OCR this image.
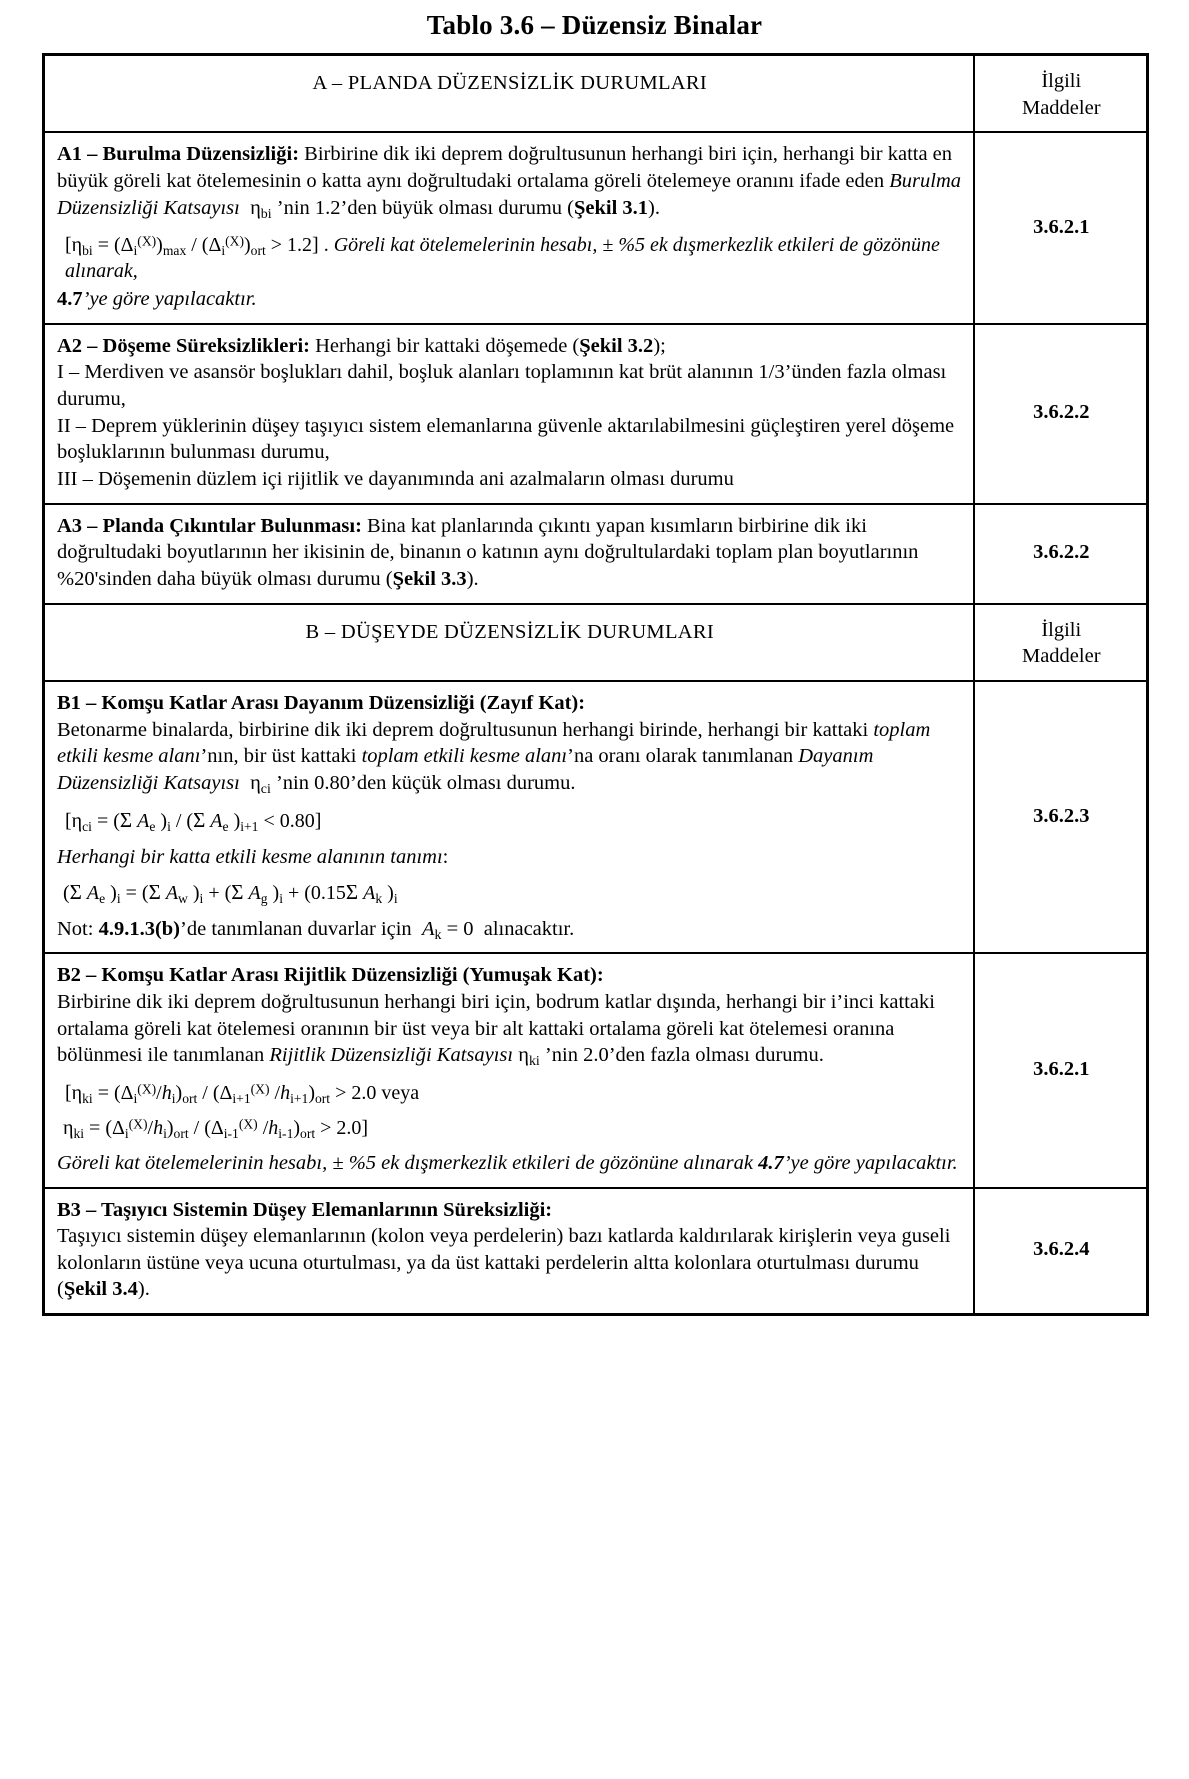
Tablo 3.6 – Düzensiz Binalar
A – PLANDA DÜZENSİZLİK DURUMLARI	İlgili
Maddeler

A1 – Burulma Düzensizliği: Birbirine dik iki deprem doğrultusunun herhangi biri için, herhangi bir katta en büyük göreli kat ötelemesinin o katta aynı doğrultudaki ortalama göreli ötelemeye oranını ifade eden Burulma Düzensizliği Katsayısı  $\eta_{bi}$ ’nin 1.2’den büyük olması durumu (Şekil 3.1).

$[\eta_{bi} = (\Delta_i^{(X)})_{max} / (\Delta_i^{(X)})_{ort} > 1.2]$ . Göreli kat ötelemelerinin hesabı, ± %5 ek dışmerkezlik etkileri de gözönüne alınarak,

4.7’ye göre yapılacaktır.	3.6.2.1

A2 – Döşeme Süreksizlikleri: Herhangi bir kattaki döşemede (Şekil 3.2);

I – Merdiven ve asansör boşlukları dahil, boşluk alanları toplamının kat brüt alanının 1/3’ünden fazla olması durumu,

II – Deprem yüklerinin düşey taşıyıcı sistem elemanlarına güvenle aktarılabilmesini güçleştiren yerel döşeme boşluklarının bulunması durumu,

III – Döşemenin düzlem içi rijitlik ve dayanımında ani azalmaların olması durumu	3.6.2.2

A3 – Planda Çıkıntılar Bulunması: Bina kat planlarında çıkıntı yapan kısımların birbirine dik iki doğrultudaki boyutlarının her ikisinin de, binanın o katının aynı doğrultulardaki toplam plan boyutlarının %20'sinden daha büyük olması durumu (Şekil 3.3).	3.6.2.2
B – DÜŞEYDE DÜZENSİZLİK DURUMLARI	İlgili
Maddeler

B1 – Komşu Katlar Arası Dayanım Düzensizliği (Zayıf Kat):

Betonarme binalarda, birbirine dik iki deprem doğrultusunun herhangi birinde, herhangi bir kattaki toplam etkili kesme alanı’nın, bir üst kattaki toplam etkili kesme alanı’na oranı olarak tanımlanan Dayanım Düzensizliği Katsayısı  $\eta_{ci}$ ’nin 0.80’den küçük olması durumu.

[$\eta_{ci} = (\Sigma$ $A_e$ )$_i / (\Sigma$ $A_e$ )$_{i+1} < 0.80$]

Herhangi bir katta etkili kesme alanının tanımı:

(Σ $A_e$ )$_i = (\Sigma$ $A_w$ )$_i + (\Sigma$ $A_g$ )$_i + (0.15\Sigma$ $A_k$ )$_i$

Not: 4.9.1.3(b)’de tanımlanan duvarlar için  $A_k = 0$  alınacaktır.

	3.6.2.3

B2 – Komşu Katlar Arası Rijitlik Düzensizliği (Yumuşak Kat):

Birbirine dik iki deprem doğrultusunun herhangi biri için, bodrum katlar dışında, herhangi bir i’inci kattaki ortalama göreli kat ötelemesi oranının bir üst veya bir alt kattaki ortalama göreli kat ötelemesi oranına bölünmesi ile tanımlanan Rijitlik Düzensizliği Katsayısı $\eta_{ki}$ ’nin 2.0’den fazla olması durumu.

[$\eta_{ki} = (\Delta_i^{(X)}/h_i)_{ort} / (\Delta_{i+1}^{(X)}$ $/h_{i+1})_{ort} > 2.0$ veya

$\eta_{ki} = (\Delta_i^{(X)}/h_i)_{ort} / (\Delta_{i-1}^{(X)}$ $/h_{i-1})_{ort} > 2.0$]

Göreli kat ötelemelerinin hesabı, ± %5 ek dışmerkezlik etkileri de gözönüne alınarak 4.7’ye göre yapılacaktır.	3.6.2.1

B3 – Taşıyıcı Sistemin Düşey Elemanlarının Süreksizliği:

Taşıyıcı sistemin düşey elemanlarının (kolon veya perdelerin) bazı katlarda kaldırılarak kirişlerin veya guseli kolonların üstüne veya ucuna oturtulması, ya da üst kattaki perdelerin altta kolonlara oturtulması durumu (Şekil 3.4).	3.6.2.4
